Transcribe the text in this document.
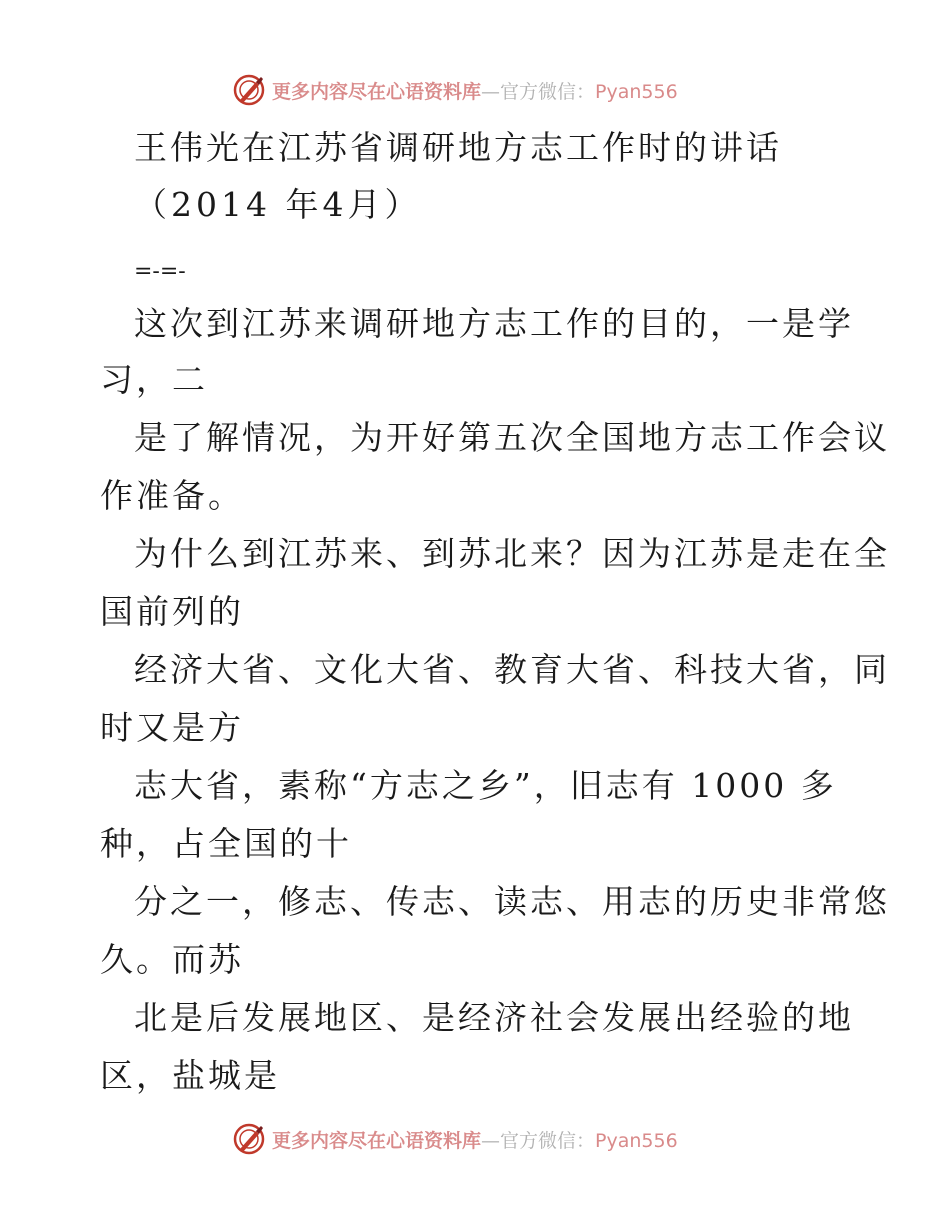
更多内容尽在心语资料库—官方微信：Pyan556
王伟光在江苏省调研地方志工作时的讲话
（2014 年4月）
=-=-
这次到江苏来调研地方志工作的目的，一是学
习，二
是了解情况，为开好第五次全国地方志工作会议
作准备。
为什么到江苏来、到苏北来？因为江苏是走在全
国前列的
经济大省、文化大省、教育大省、科技大省，同
时又是方
志大省，素称“方志之乡”，旧志有 1000 多
种，占全国的十
分之一，修志、传志、读志、用志的历史非常悠
久。而苏
北是后发展地区、是经济社会发展出经验的地
区，盐城是
更多内容尽在心语资料库—官方微信：Pyan556
